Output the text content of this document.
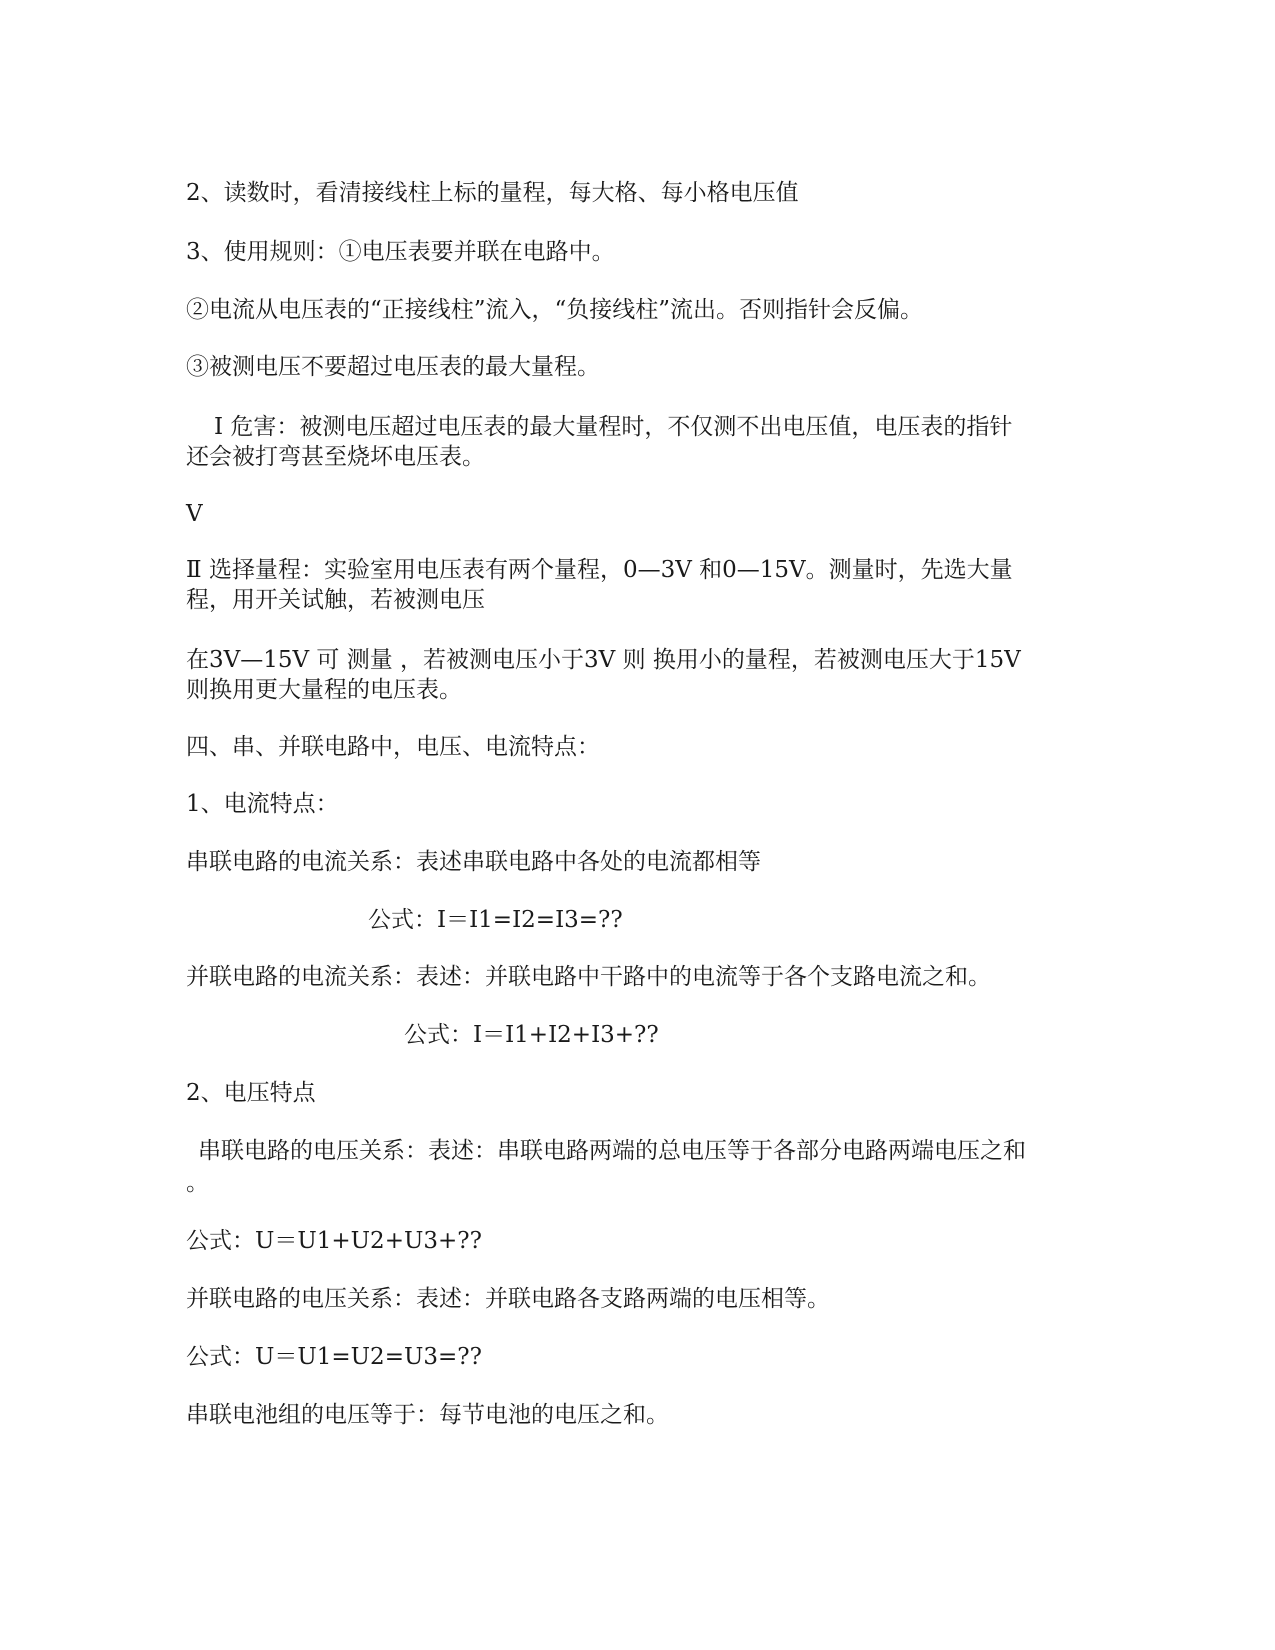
2、读数时，看清接线柱上标的量程，每大格、每小格电压值
3、使用规则：①电压表要并联在电路中。
②电流从电压表的“正接线柱”流入，“负接线柱”流出。否则指针会反偏。
③被测电压不要超过电压表的最大量程。
Ⅰ 危害：被测电压超过电压表的最大量程时，不仅测不出电压值，电压表的指针
还会被打弯甚至烧坏电压表。
V
Ⅱ 选择量程：实验室用电压表有两个量程，0—3V 和0—15V。测量时，先选大量
程，用开关试触，若被测电压
在3V—15V 可 测量 ，若被测电压小于3V 则 换用小的量程，若被测电压大于15V
则换用更大量程的电压表。
四、串、并联电路中，电压、电流特点：
1、电流特点：
串联电路的电流关系：表述串联电路中各处的电流都相等
公式：I＝I1=I2=I3=??
并联电路的电流关系：表述：并联电路中干路中的电流等于各个支路电流之和。
公式：I＝I1+I2+I3+??
2、电压特点
串联电路的电压关系：表述：串联电路两端的总电压等于各部分电路两端电压之和
。
公式：U＝U1+U2+U3+??
并联电路的电压关系：表述：并联电路各支路两端的电压相等。
公式：U＝U1=U2=U3=??
串联电池组的电压等于：每节电池的电压之和。
